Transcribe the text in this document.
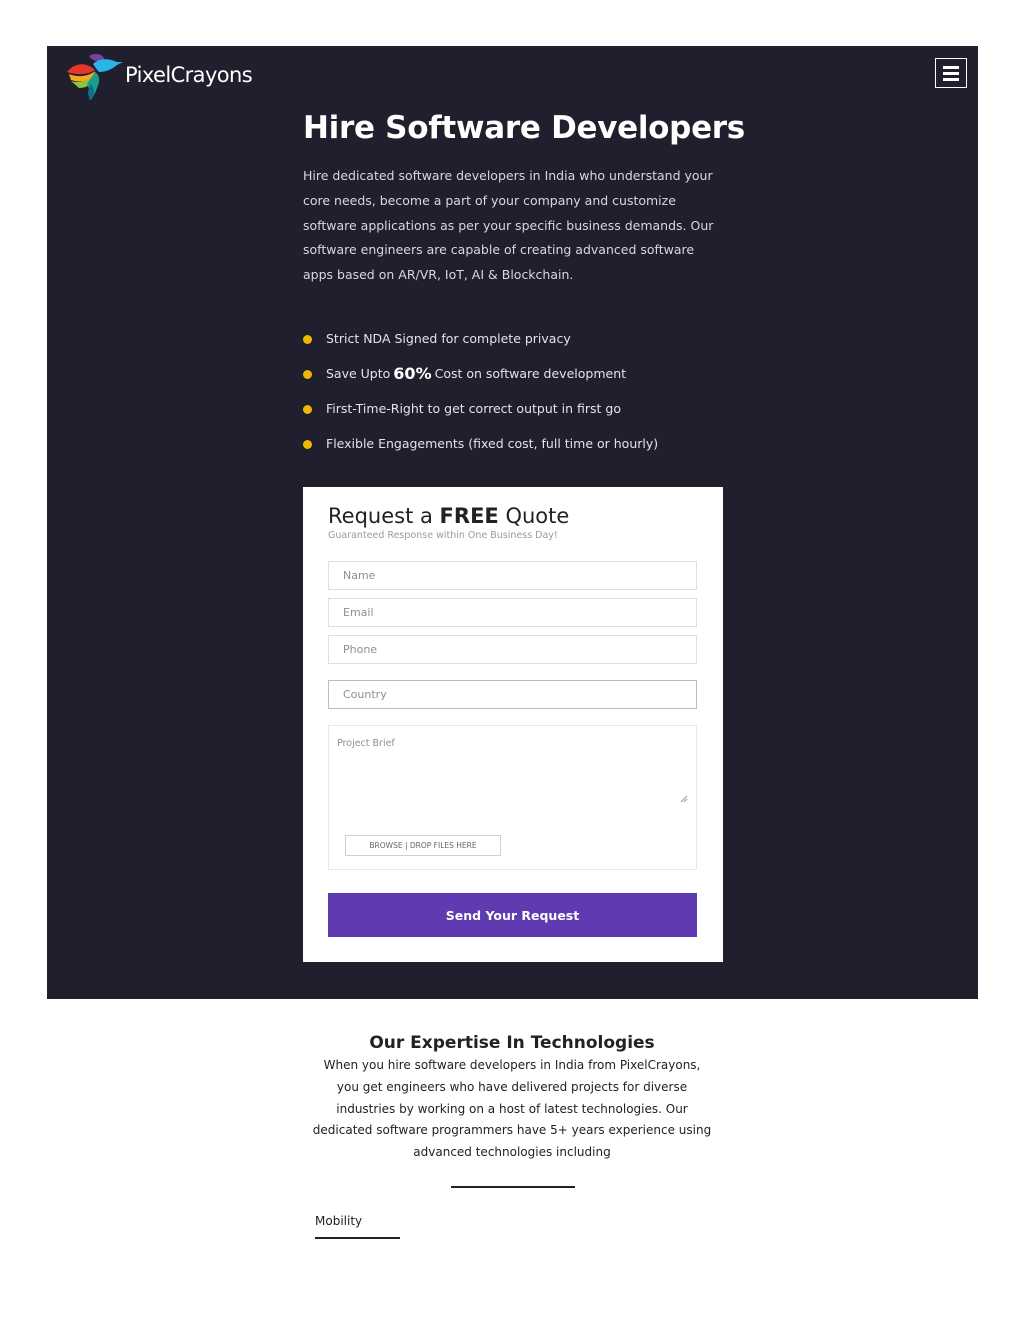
PixelCrayons
Hire Software Developers

Hire dedicated software developers in India who understand your core needs, become a part of your company and customize software applications as per your specific business demands. Our software engineers are capable of creating advanced software apps based on AR/VR, IoT, AI & Blockchain.

Strict NDA Signed for complete privacy
Save Upto 60% Cost on software development
First-Time-Right to get correct output in first go
Flexible Engagements (fixed cost, full time or hourly)
Request a FREE Quote
Guaranteed Response within One Business Day!
Name
Email
Phone
Country
Project Brief
BROWSE | DROP FILES HERE
Send Your Request
Our Expertise In Technologies

When you hire software developers in India from PixelCrayons, you get engineers who have delivered projects for diverse industries by working on a host of latest technologies. Our dedicated software programmers have 5+ years experience using advanced technologies including

Mobility
